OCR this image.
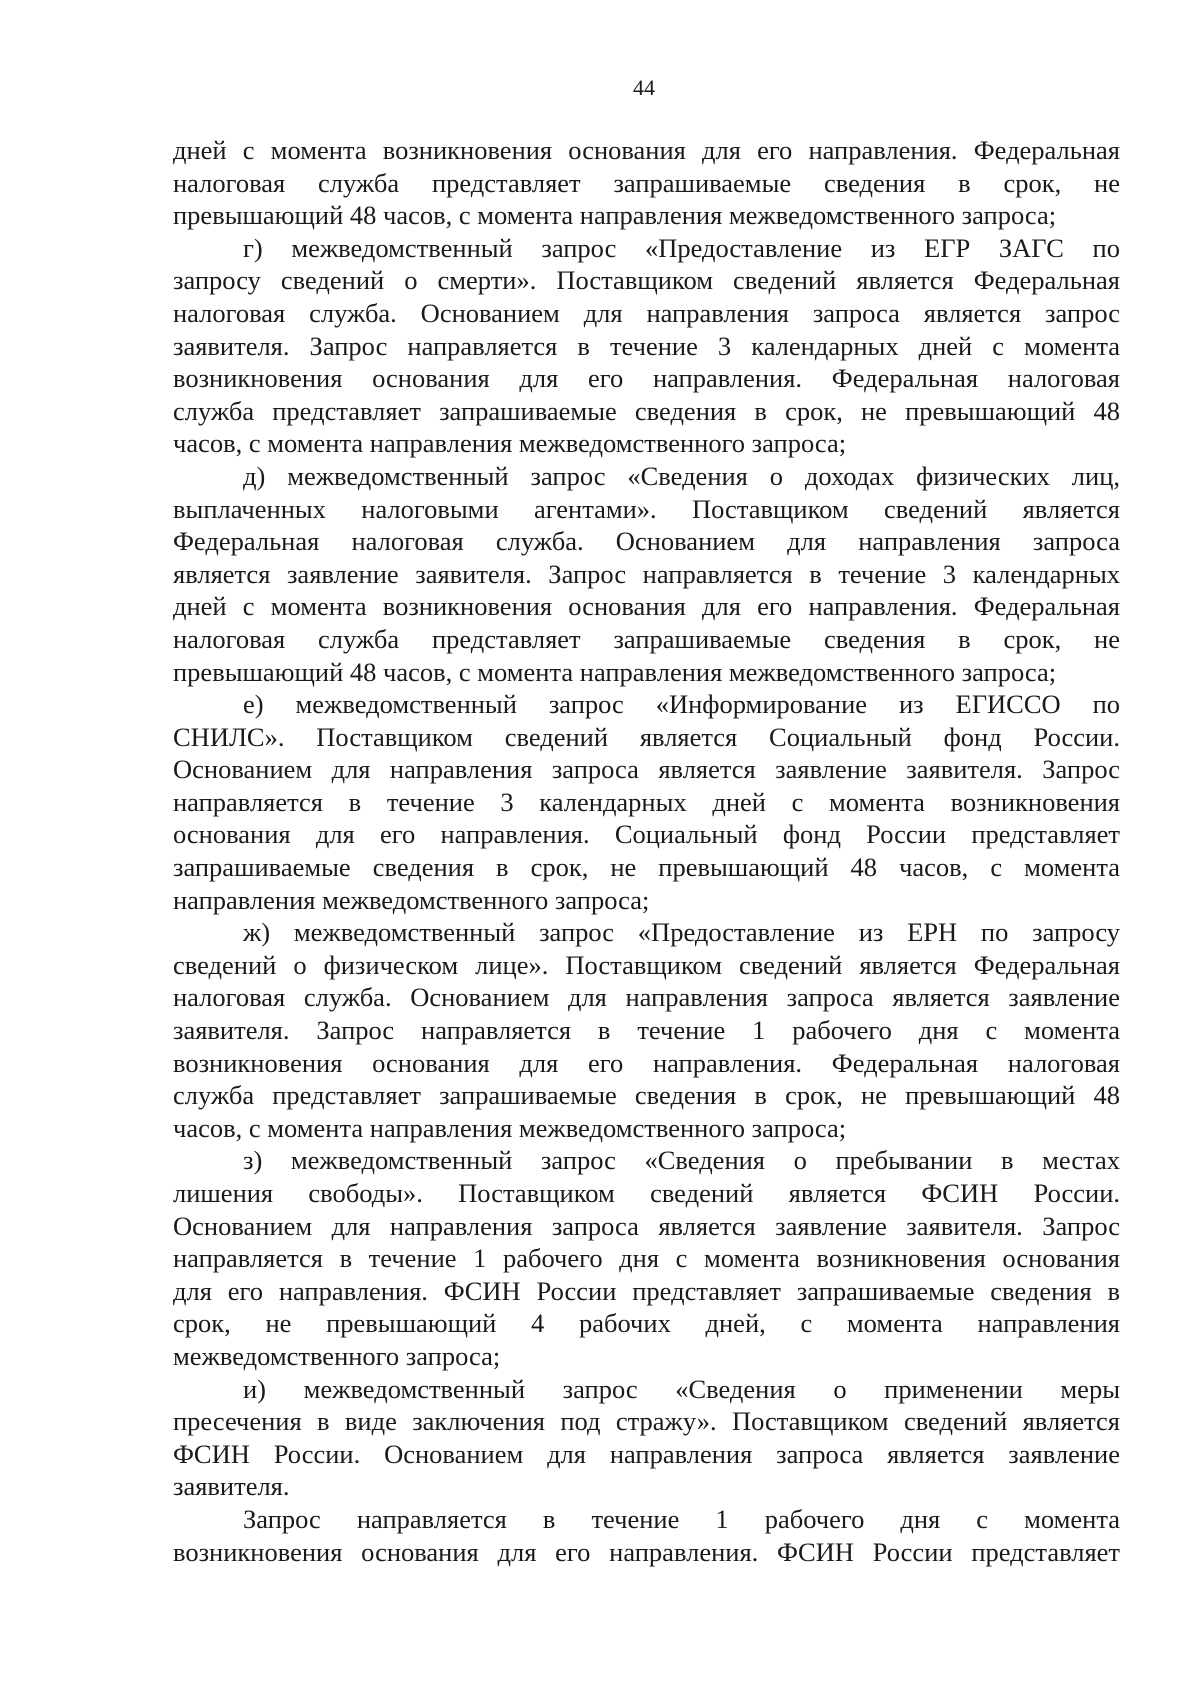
44
дней с момента возникновения основания для его направления. Федеральная
налоговая служба представляет запрашиваемые сведения в срок, не
превышающий 48 часов, с момента направления межведомственного запроса;
г) межведомственный запрос «Предоставление из ЕГР ЗАГС по
запросу сведений о смерти». Поставщиком сведений является Федеральная
налоговая служба. Основанием для направления запроса является запрос
заявителя. Запрос направляется в течение 3 календарных дней с момента
возникновения основания для его направления. Федеральная налоговая
служба представляет запрашиваемые сведения в срок, не превышающий 48
часов, с момента направления межведомственного запроса;
д) межведомственный запрос «Сведения о доходах физических лиц,
выплаченных налоговыми агентами». Поставщиком сведений является
Федеральная налоговая служба. Основанием для направления запроса
является заявление заявителя. Запрос направляется в течение 3 календарных
дней с момента возникновения основания для его направления. Федеральная
налоговая служба представляет запрашиваемые сведения в срок, не
превышающий 48 часов, с момента направления межведомственного запроса;
е) межведомственный запрос «Информирование из ЕГИССО по
СНИЛС». Поставщиком сведений является Социальный фонд России.
Основанием для направления запроса является заявление заявителя. Запрос
направляется в течение 3 календарных дней с момента возникновения
основания для его направления. Социальный фонд России представляет
запрашиваемые сведения в срок, не превышающий 48 часов, с момента
направления межведомственного запроса;
ж) межведомственный запрос «Предоставление из ЕРН по запросу
сведений о физическом лице». Поставщиком сведений является Федеральная
налоговая служба. Основанием для направления запроса является заявление
заявителя. Запрос направляется в течение 1 рабочего дня с момента
возникновения основания для его направления. Федеральная налоговая
служба представляет запрашиваемые сведения в срок, не превышающий 48
часов, с момента направления межведомственного запроса;
з) межведомственный запрос «Сведения о пребывании в местах
лишения свободы». Поставщиком сведений является ФСИН России.
Основанием для направления запроса является заявление заявителя. Запрос
направляется в течение 1 рабочего дня с момента возникновения основания
для его направления. ФСИН России представляет запрашиваемые сведения в
срок, не превышающий 4 рабочих дней, с момента направления
межведомственного запроса;
и) межведомственный запрос «Сведения о применении меры
пресечения в виде заключения под стражу». Поставщиком сведений является
ФСИН России. Основанием для направления запроса является заявление
заявителя.
Запрос направляется в течение 1 рабочего дня с момента
возникновения основания для его направления. ФСИН России представляет
